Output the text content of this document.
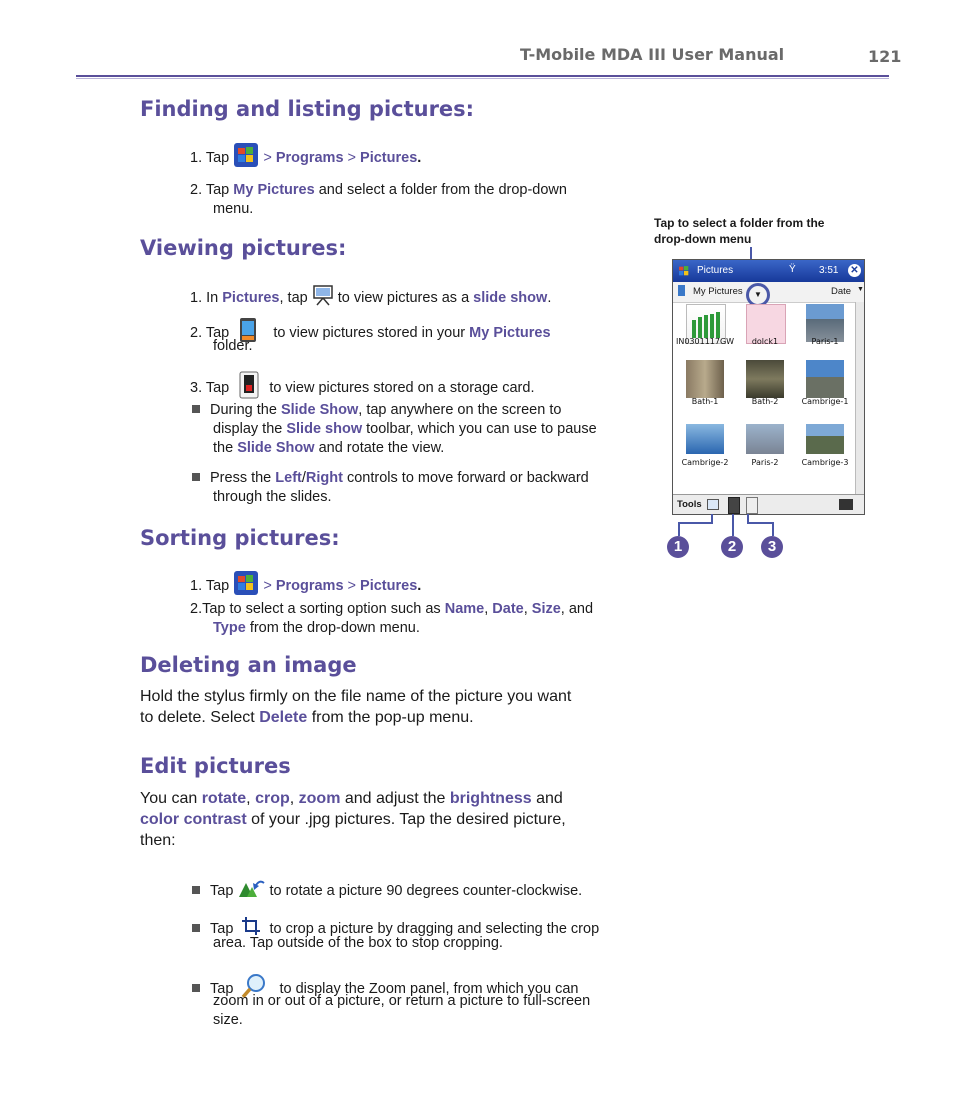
T-Mobile MDA III User Manual	121
Finding and listing pictures:
1. Tap > Programs > Pictures.
2. Tap My Pictures and select a folder from the drop-down
menu.
Viewing pictures:
1. In Pictures, tap to view pictures as a slide show.
2. Tap	to view pictures stored in your My Pictures
folder.
3. Tap	to view pictures stored on a storage card.
During the Slide Show, tap anywhere on the screen to
display the Slide show toolbar, which you can use to pause
the Slide Show and rotate the view.
Press the Left/Right controls to move forward or backward
through the slides.
Sorting pictures:
1. Tap > Programs > Pictures.
2.Tap to select a sorting option such as Name, Date, Size, and
Type from the drop-down menu.
Deleting an image
Hold the stylus firmly on the file name of the picture you want
to delete. Select Delete from the pop-up menu.
Edit pictures
You can rotate, crop, zoom and adjust the brightness and
color contrast of your .jpg pictures. Tap the desired picture,
then:
Tap to rotate a picture 90 degrees counter-clockwise.
Tap to crop a picture by dragging and selecting the crop
area. Tap outside of the box to stop cropping.
Tap	to display the Zoom panel, from which you can
zoom in or out of a picture, or return a picture to full-screen
size.
Tap to select a folder from the drop-down menu
Pictures	Ÿ 3:51 ✕
My Pictures	▼	Date ▼
IN0301117GW	dolck1	Paris-1
Bath-1	Bath-2	Cambrige-1
Cambrige-2	Paris-2	Cambrige-3
Tools
1	2	3
